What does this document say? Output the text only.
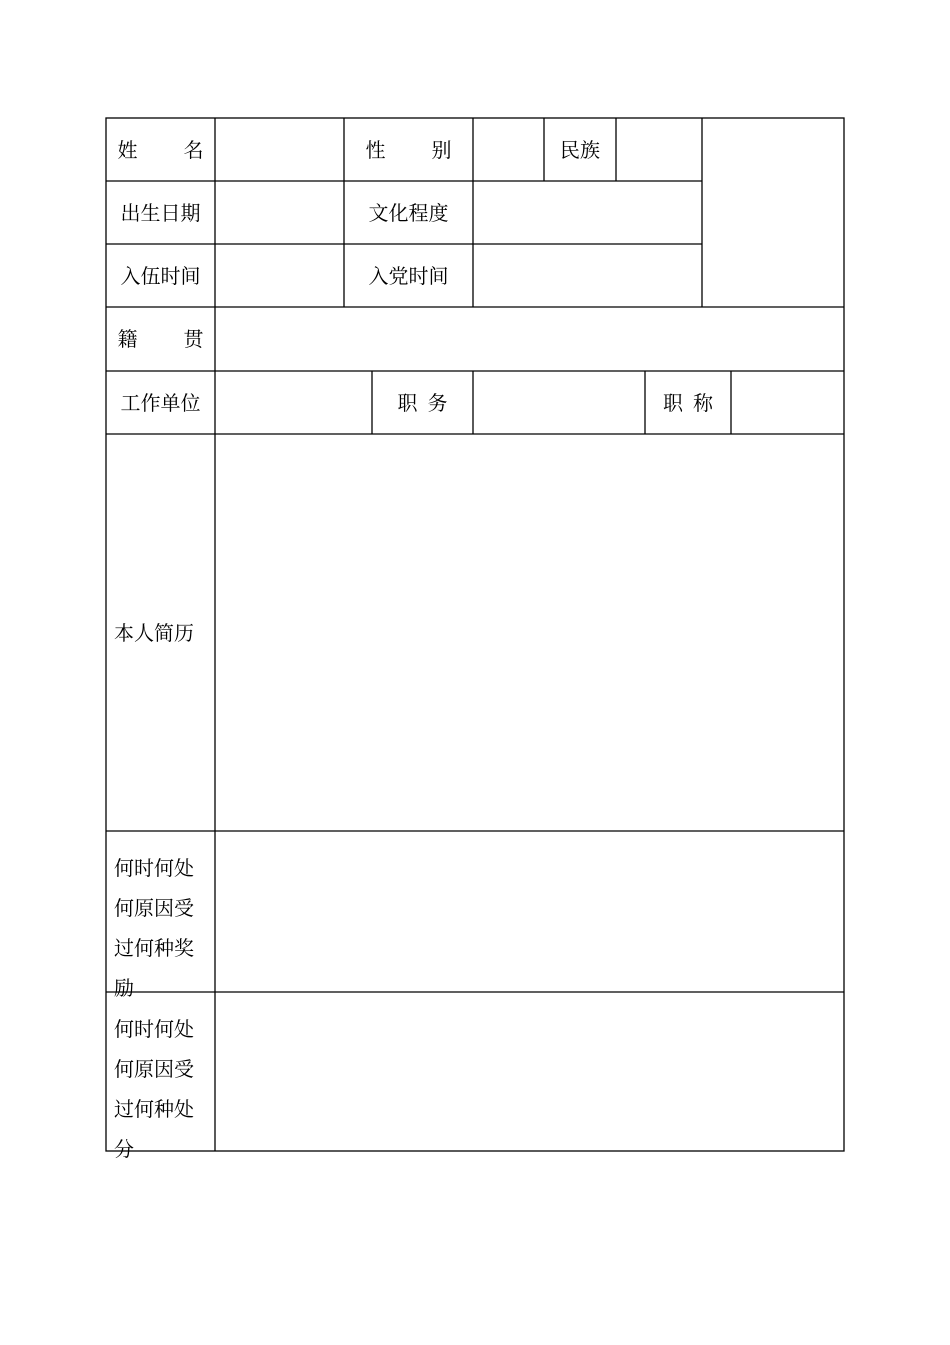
姓 名	性 别	民族
出生日期	文化程度
入伍时间	入党时间
籍 贯
工作单位	职 务	职 称
本人简历
何时何处
何原因受
过何种奖
励
何时何处
何原因受
过何种处
分
